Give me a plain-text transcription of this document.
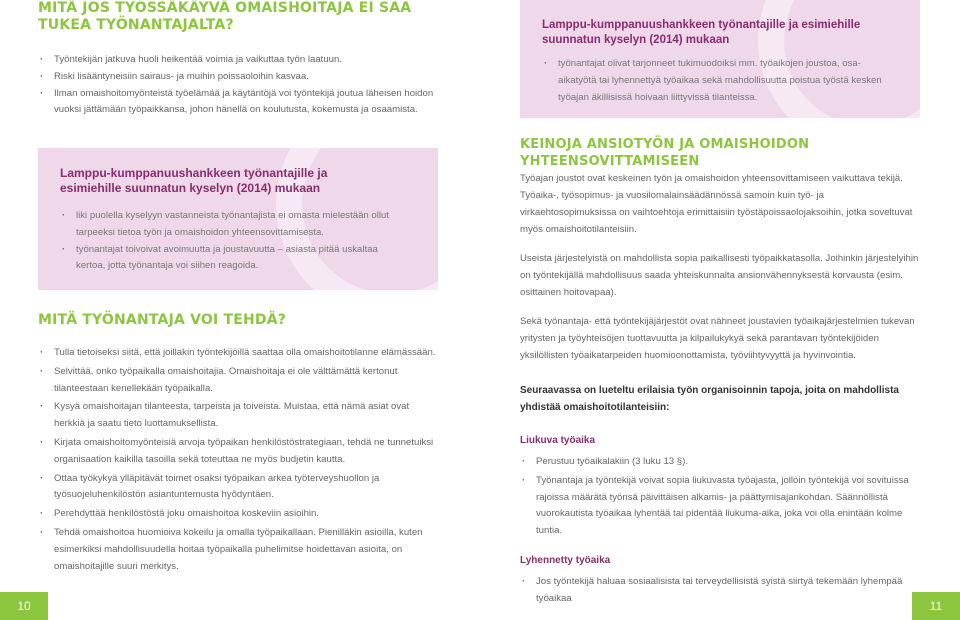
MITÄ JOS TYÖSSÄKÄYVÄ OMAISHOITAJA EI SAA TUKEA TYÖNANTAJALTA?
· Työntekijän jatkuva huoli heikentää voimia ja vaikuttaa työn laatuun.
· Riski lisääntyneisiin sairaus- ja muihin poissaoloihin kasvaa.
· Ilman omaishoitomyönteistä työelämää ja käytäntöjä voi työntekijä joutua läheisen hoidon vuoksi jättämään työpaikkansa, johon hänellä on koulutusta, kokemusta ja osaamista.
Lamppu-kumppanuushankkeen työnantajille ja esimiehille suunnatun kyselyn (2014) mukaan
· liki puolella kyselyyn vastanneista työnantajista ei omasta mielestään ollut tarpeeksi tietoa työn ja omaishoidon yhteensovittamisesta.
· työnantajat toivoivat avoimuutta ja joustavuutta – asiasta pitää uskaltaa kertoa, jotta työnantaja voi siihen reagoida.
MITÄ TYÖNANTAJA VOI TEHDÄ?
· Tulla tietoiseksi siitä, että joillakin työntekijöillä saattaa olla omaishoitotilanne elämässään.
· Selvittää, onko työpaikalla omaishoitajia. Omaishoitaja ei ole välttämättä kertonut tilanteestaan kenellekään työpaikalla.
· Kysyä omaishoitajan tilanteesta, tarpeista ja toiveista. Muistaa, että nämä asiat ovat herkkiä ja saatu tieto luottamuksellista.
· Kirjata omaishoitomyönteisiä arvoja työpaikan henkilöstöstrategiaan, tehdä ne tunnetuiksi organisaation kaikilla tasoilla sekä toteuttaa ne myös budjetin kautta.
· Ottaa työkykyä ylläpitävät toimet osaksi työpaikan arkea työterveyshuollon ja työsuojeluhenkilöstön asiantuntemusta hyödyntäen.
· Perehdyttää henkilöstöstä joku omaishoitoa koskeviin asioihin.
· Tehdä omaishoitoa huomioiva kokeilu ja omalla työpaikallaan. Pienilläkin asioilla, kuten esimerkiksi mahdollisuudella hoitaa työpaikalla puhelimitse hoidettavan asioita, on omaishoitajille suuri merkitys.
10
Lamppu-kumppanuushankkeen työnantajille ja esimiehille suunnatun kyselyn (2014) mukaan
· työnantajat olivat tarjonneet tukimuodoiksi mm. työaikojen joustoa, osa-aikatyötä tai lyhennettyä työaikaa sekä mahdollisuutta poistua työstä kesken työajan äkillisissä hoivaan liittyvissä tilanteissa.
KEINOJA ANSIOTYÖN JA OMAISHOIDON YHTEENSOVITTAMISEEN

Työajan joustot ovat keskeinen työn ja omaishoidon yhteensovittamiseen vaikuttava tekijä. Työaika-, työsopimus- ja vuosilomalainsäädännössä samoin kuin työ- ja virkaehtosopimuksissa on vaihtoehtoja erimittaisiin työstäpoissaolojaksoihin, jotka soveltuvat myös omaishoitotilanteisiin.

Useista järjestelyistä on mahdollista sopia paikallisesti työpaikkatasolla. Joihinkin järjestelyihin on työntekijällä mahdollisuus saada yhteiskunnalta ansionvähennyksestä korvausta (esim. osittainen hoitovapaa).

Sekä työnantaja- että työntekijäjärjestöt ovat nähneet joustavien työaikajärjestelmien tukevan yritysten ja työyhteisöjen tuottavuutta ja kilpailukykyä sekä parantavan työntekijöiden yksilöllisten työaikatarpeiden huomioonottamista, työviihtyvyyttä ja hyvinvointia.

Seuraavassa on lueteltu erilaisia työn organisoinnin tapoja, joita on mahdollista yhdistää omaishoitotilanteisiin:

Liukuva työaika

· Perustuu työaikalakiin (3 luku 13 §).
· Työnantaja ja työntekijä voivat sopia liukuvasta työajasta, jolloin työntekijä voi sovituissa rajoissa määrätä työnsä päivittäisen alkamis- ja päättymisajankohdan. Säännöllistä vuorokautista työaikaa lyhentää tai pidentää liukuma-aika, joka voi olla enintään kolme tuntia.

Lyhennetty työaika

· Jos työntekijä haluaa sosiaalisista tai terveydellisistä syistä siirtyä tekemään lyhempää työaikaa
11
